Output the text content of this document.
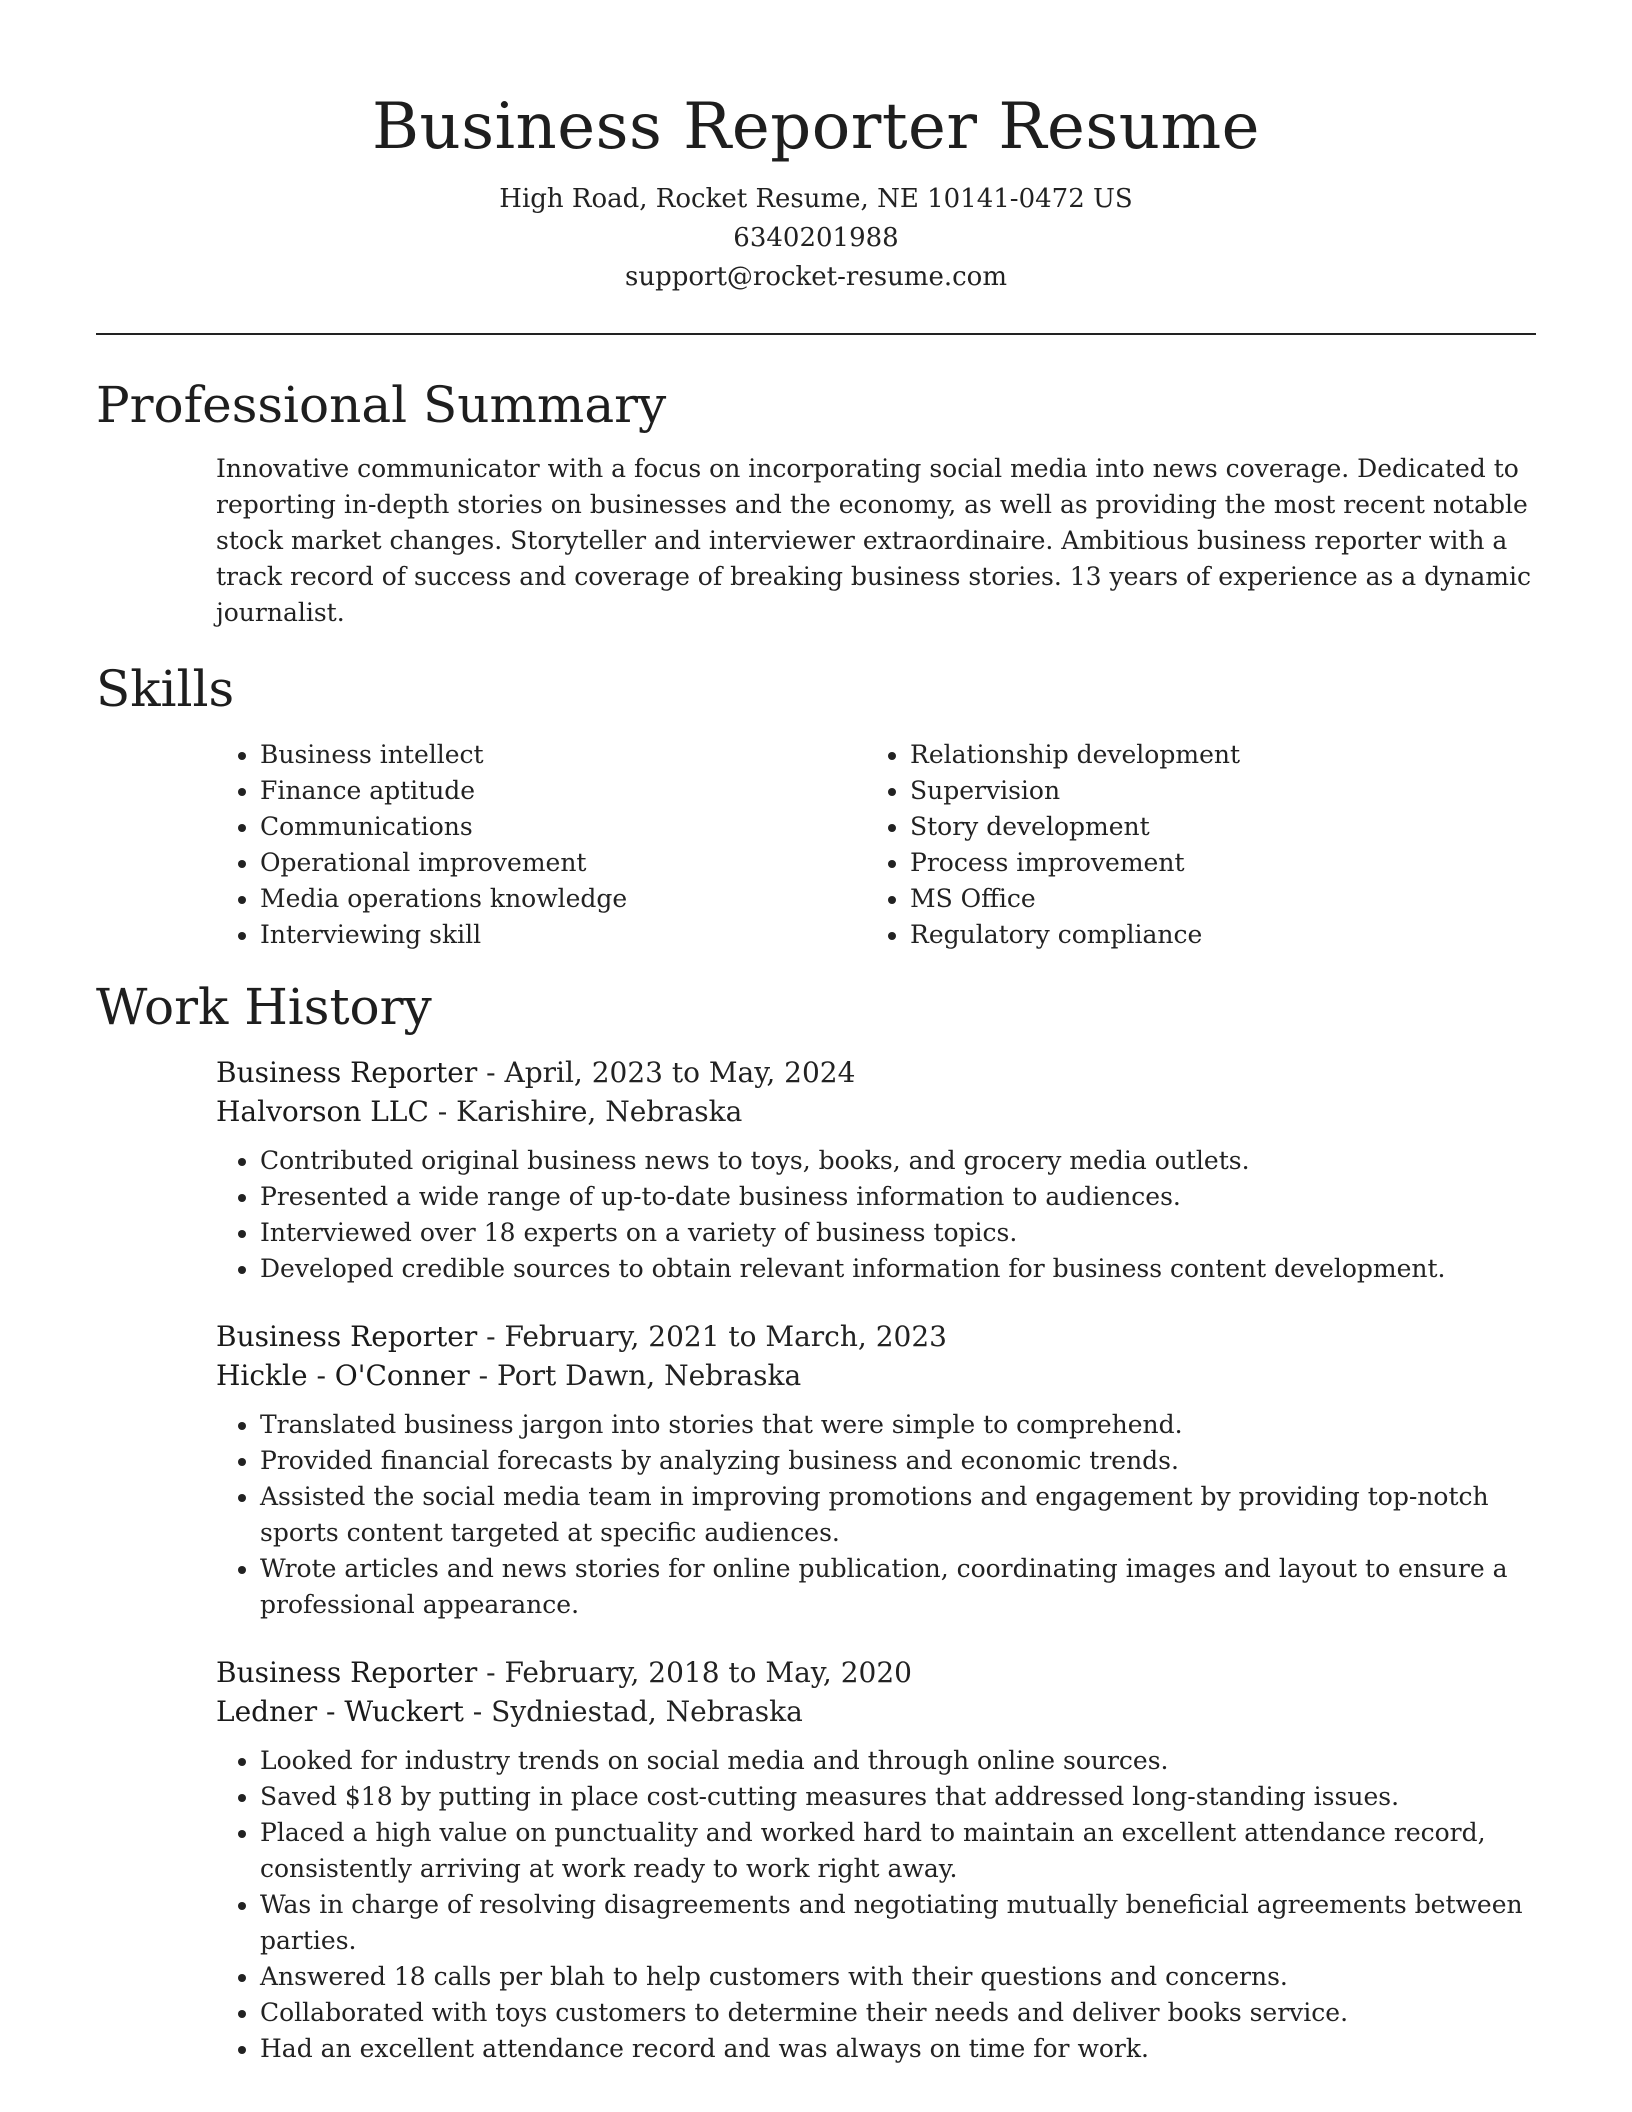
Business Reporter Resume
High Road, Rocket Resume, NE 10141-0472 US
6340201988
support@rocket-resume.com
Professional Summary
Innovative communicator with a focus on incorporating social media into news coverage. Dedicated to reporting in-depth stories on businesses and the economy, as well as providing the most recent notable stock market changes. Storyteller and interviewer extraordinaire. Ambitious business reporter with a track record of success and coverage of breaking business stories. 13 years of experience as a dynamic journalist.
Skills
• Business intellect
• Finance aptitude
• Communications
• Operational improvement
• Media operations knowledge
• Interviewing skill
• Relationship development
• Supervision
• Story development
• Process improvement
• MS Office
• Regulatory compliance
Work History
Business Reporter - April, 2023 to May, 2024
Halvorson LLC - Karishire, Nebraska
• Contributed original business news to toys, books, and grocery media outlets.
• Presented a wide range of up-to-date business information to audiences.
• Interviewed over 18 experts on a variety of business topics.
• Developed credible sources to obtain relevant information for business content development.
Business Reporter - February, 2021 to March, 2023
Hickle - O'Conner - Port Dawn, Nebraska
• Translated business jargon into stories that were simple to comprehend.
• Provided financial forecasts by analyzing business and economic trends.
• Assisted the social media team in improving promotions and engagement by providing top-notch sports content targeted at specific audiences.
• Wrote articles and news stories for online publication, coordinating images and layout to ensure a professional appearance.
Business Reporter - February, 2018 to May, 2020
Ledner - Wuckert - Sydniestad, Nebraska
• Looked for industry trends on social media and through online sources.
• Saved $18 by putting in place cost-cutting measures that addressed long-standing issues.
• Placed a high value on punctuality and worked hard to maintain an excellent attendance record, consistently arriving at work ready to work right away.
• Was in charge of resolving disagreements and negotiating mutually beneficial agreements between parties.
• Answered 18 calls per blah to help customers with their questions and concerns.
• Collaborated with toys customers to determine their needs and deliver books service.
• Had an excellent attendance record and was always on time for work.
